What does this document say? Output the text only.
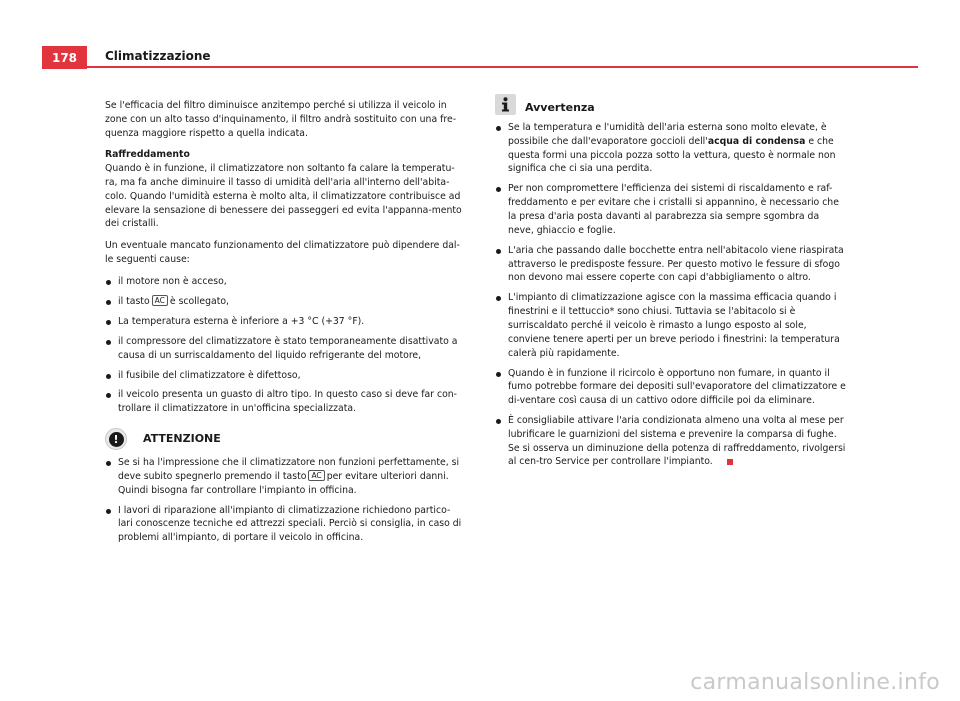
178	Climatizzazione

Se l'efficacia del filtro diminuisce anzitempo perché si utilizza il veicolo in zone con un alto tasso d'inquinamento, il filtro andrà sostituito con una fre-quenza maggiore rispetto a quella indicata.

Raffreddamento

Quando è in funzione, il climatizzatore non soltanto fa calare la temperatu-ra, ma fa anche diminuire il tasso di umidità dell'aria all'interno dell'abita-colo. Quando l'umidità esterna è molto alta, il climatizzatore contribuisce ad elevare la sensazione di benessere dei passeggeri ed evita l'appanna-mento dei cristalli.

Un eventuale mancato funzionamento del climatizzatore può dipendere dal-le seguenti cause:

il motore non è acceso,
il tasto AC è scollegato,
La temperatura esterna è inferiore a +3 °C (+37 °F).
il compressore del climatizzatore è stato temporaneamente disattivato a causa di un surriscaldamento del liquido refrigerante del motore,
il fusibile del climatizzatore è difettoso,
il veicolo presenta un guasto di altro tipo. In questo caso si deve far con-trollare il climatizzatore in un'officina specializzata.
!	ATTENZIONE
Se si ha l'impressione che il climatizzatore non funzioni perfettamente, si deve subito spegnerlo premendo il tasto AC per evitare ulteriori danni. Quindi bisogna far controllare l'impianto in officina.
I lavori di riparazione all'impianto di climatizzazione richiedono partico-lari conoscenze tecniche ed attrezzi speciali. Perciò si consiglia, in caso di problemi all'impianto, di portare il veicolo in officina.
Avvertenza
Se la temperatura e l'umidità dell'aria esterna sono molto elevate, è possibile che dall'evaporatore goccioli dell'acqua di condensa e che questa formi una piccola pozza sotto la vettura, questo è normale non significa che ci sia una perdita.
Per non compromettere l'efficienza dei sistemi di riscaldamento e raf-freddamento e per evitare che i cristalli si appannino, è necessario che la presa d'aria posta davanti al parabrezza sia sempre sgombra da neve, ghiaccio e foglie.
L'aria che passando dalle bocchette entra nell'abitacolo viene riaspirata attraverso le predisposte fessure. Per questo motivo le fessure di sfogo non devono mai essere coperte con capi d'abbigliamento o altro.
L'impianto di climatizzazione agisce con la massima efficacia quando i finestrini e il tettuccio* sono chiusi. Tuttavia se l'abitacolo si è surriscaldato perché il veicolo è rimasto a lungo esposto al sole, conviene tenere aperti per un breve periodo i finestrini: la temperatura calerà più rapidamente.
Quando è in funzione il ricircolo è opportuno non fumare, in quanto il fumo potrebbe formare dei depositi sull'evaporatore del climatizzatore e di-ventare così causa di un cattivo odore difficile poi da eliminare.
È consigliabile attivare l'aria condizionata almeno una volta al mese per lubrificare le guarnizioni del sistema e prevenire la comparsa di fughe. Se si osserva un diminuzione della potenza di raffreddamento, rivolgersi al cen-tro Service per controllare l'impianto.
carmanualsonline.info
